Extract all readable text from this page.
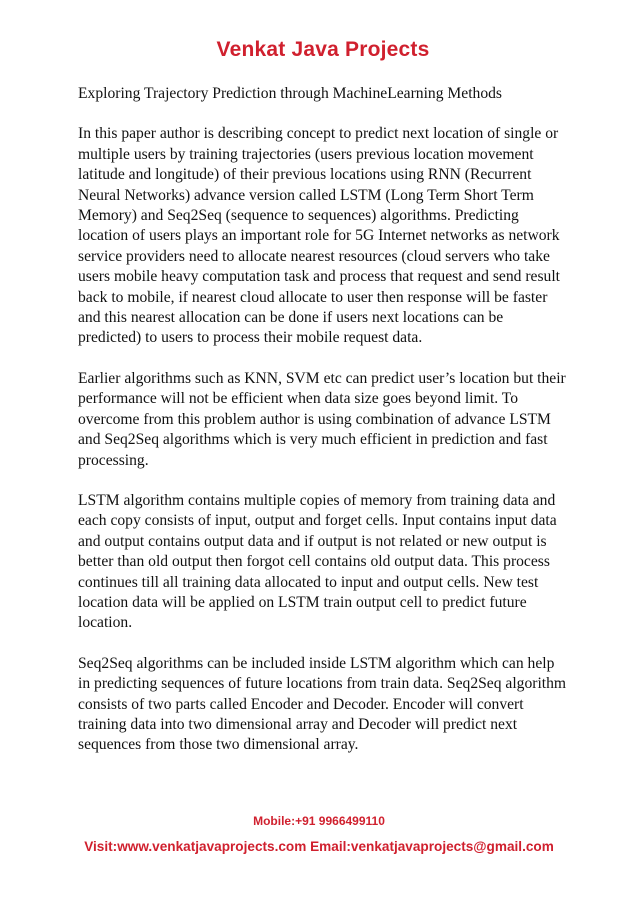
Venkat Java Projects

Exploring Trajectory Prediction through MachineLearning Methods

In this paper author is describing concept to predict next location of single or multiple users by training trajectories (users previous location movement latitude and longitude) of their previous locations using RNN (Recurrent Neural Networks) advance version called LSTM (Long Term Short Term Memory) and Seq2Seq (sequence to sequences) algorithms. Predicting location of users plays an important role for 5G Internet networks as network service providers need to allocate nearest resources (cloud servers who take users mobile heavy computation task and process that request and send result back to mobile, if nearest cloud allocate to user then response will be faster and this nearest allocation can be done if users next locations can be predicted) to users to process their mobile request data.

Earlier algorithms such as KNN, SVM etc can predict user’s location but their performance will not be efficient when data size goes beyond limit. To overcome from this problem author is using combination of advance LSTM and Seq2Seq algorithms which is very much efficient in prediction and fast processing.

LSTM algorithm contains multiple copies of memory from training data and each copy consists of input, output and forget cells. Input contains input data and output contains output data and if output is not related or new output is better than old output then forgot cell contains old output data. This process continues till all training data allocated to input and output cells. New test location data will be applied on LSTM train output cell to predict future location.

Seq2Seq algorithms can be included inside LSTM algorithm which can help in predicting sequences of future locations from train data. Seq2Seq algorithm consists of two parts called Encoder and Decoder. Encoder will convert training data into two dimensional array and Decoder will predict next sequences from those two dimensional array.

Mobile:+91 9966499110
Visit:www.venkatjavaprojects.com Email:venkatjavaprojects@gmail.com
